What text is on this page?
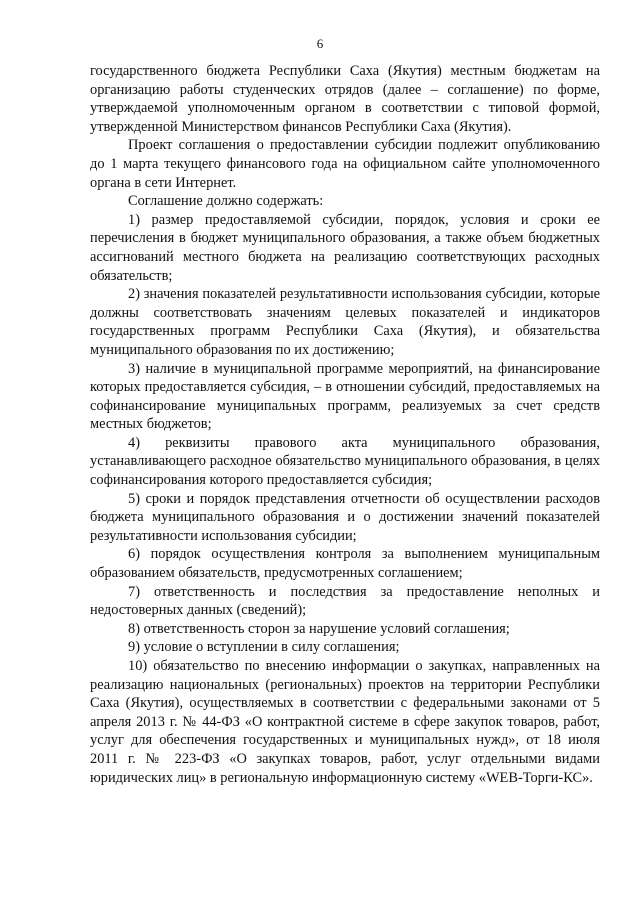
6

государственного бюджета Республики Саха (Якутия) местным бюджетам на организацию работы студенческих отрядов (далее – соглашение) по форме, утверждаемой уполномоченным органом в соответствии с типовой формой, утвержденной Министерством финансов Республики Саха (Якутия).

Проект соглашения о предоставлении субсидии подлежит опубликованию до 1 марта текущего финансового года на официальном сайте уполномоченного органа в сети Интернет.

Соглашение должно содержать:

1) размер предоставляемой субсидии, порядок, условия и сроки ее перечисления в бюджет муниципального образования, а также объем бюджетных ассигнований местного бюджета на реализацию соответствующих расходных обязательств;

2) значения показателей результативности использования субсидии, которые должны соответствовать значениям целевых показателей и индикаторов государственных программ Республики Саха (Якутия), и обязательства муниципального образования по их достижению;

3) наличие в муниципальной программе мероприятий, на финансирование которых предоставляется субсидия, – в отношении субсидий, предоставляемых на софинансирование муниципальных программ, реализуемых за счет средств местных бюджетов;

4) реквизиты правового акта муниципального образования, устанавливающего расходное обязательство муниципального образования, в целях софинансирования которого предоставляется субсидия;

5) сроки и порядок представления отчетности об осуществлении расходов бюджета муниципального образования и о достижении значений показателей результативности использования субсидии;

6) порядок осуществления контроля за выполнением муниципальным образованием обязательств, предусмотренных соглашением;

7) ответственность и последствия за предоставление неполных и недостоверных данных (сведений);

8) ответственность сторон за нарушение условий соглашения;

9) условие о вступлении в силу соглашения;

10) обязательство по внесению информации о закупках, направленных на реализацию национальных (региональных) проектов на территории Республики Саха (Якутия), осуществляемых в соответствии с федеральными законами от 5 апреля 2013 г. № 44-ФЗ «О контрактной системе в сфере закупок товаров, работ, услуг для обеспечения государственных и муниципальных нужд», от 18 июля 2011 г. № 223-ФЗ «О закупках товаров, работ, услуг отдельными видами юридических лиц» в региональную информационную систему «WEB-Торги-КС».
